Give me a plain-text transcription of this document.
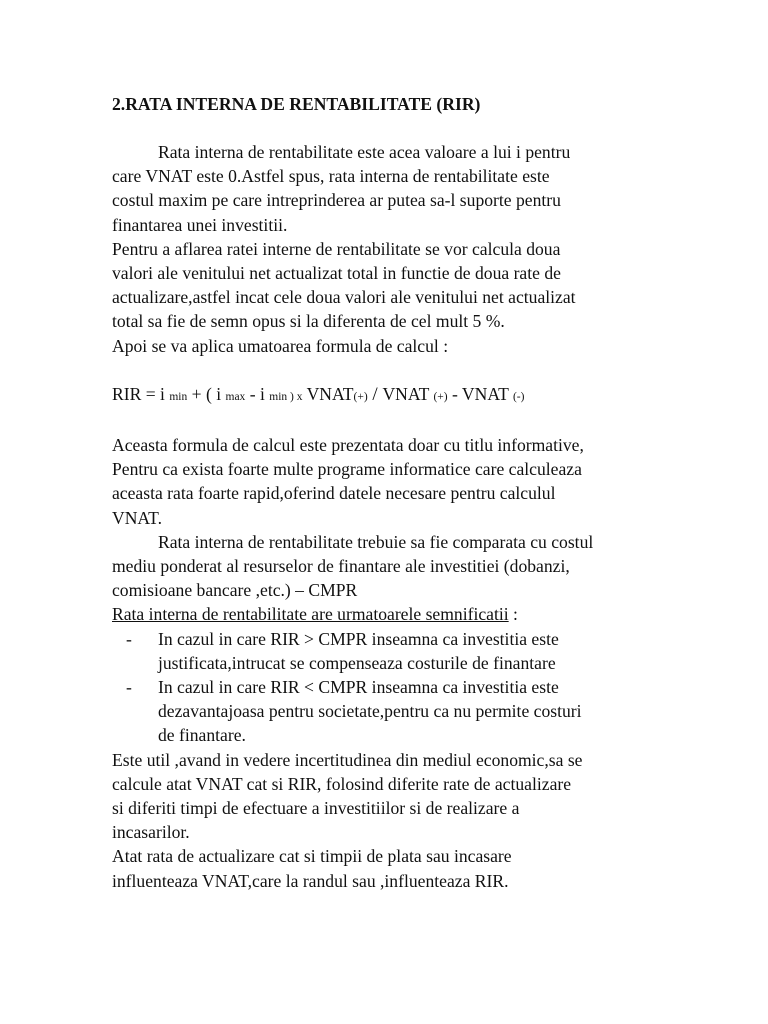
2.RATA INTERNA DE RENTABILITATE (RIR)
Rata interna de rentabilitate este acea valoare a lui i pentru
care VNAT este 0.Astfel spus, rata interna de rentabilitate este
costul maxim pe care intreprinderea ar putea sa-l suporte pentru
finantarea unei investitii.
Pentru a aflarea ratei interne de rentabilitate se vor calcula doua
valori ale venitului net actualizat total in functie de doua rate de
actualizare,astfel incat cele doua valori ale venitului net actualizat
total sa fie de semn opus si la diferenta de cel mult 5 %.
Apoi se va aplica umatoarea formula de calcul :
RIR = i min + ( i max - i min ) x VNAT(+) / VNAT (+) - VNAT (-)
Aceasta formula de calcul este prezentata doar cu titlu informative,
Pentru ca exista foarte multe programe informatice care calculeaza
aceasta rata foarte rapid,oferind datele necesare pentru calculul
VNAT.
Rata interna de rentabilitate trebuie sa fie comparata cu costul
mediu ponderat al resurselor de finantare ale investitiei (dobanzi,
comisioane bancare ,etc.) – CMPR
Rata interna de rentabilitate are urmatoarele semnificatii :
-	In cazul in care RIR > CMPR inseamna ca investitia este
justificata,intrucat se compenseaza costurile de finantare
-	In cazul in care RIR < CMPR inseamna ca investitia este
dezavantajoasa pentru societate,pentru ca nu permite costuri
de finantare.
Este util ,avand in vedere incertitudinea din mediul economic,sa se
calcule atat VNAT cat si RIR, folosind diferite rate de actualizare
si diferiti timpi de efectuare a investitiilor si de realizare a
incasarilor.
Atat rata de actualizare cat si timpii de plata sau incasare
influenteaza VNAT,care la randul sau ,influenteaza RIR.
